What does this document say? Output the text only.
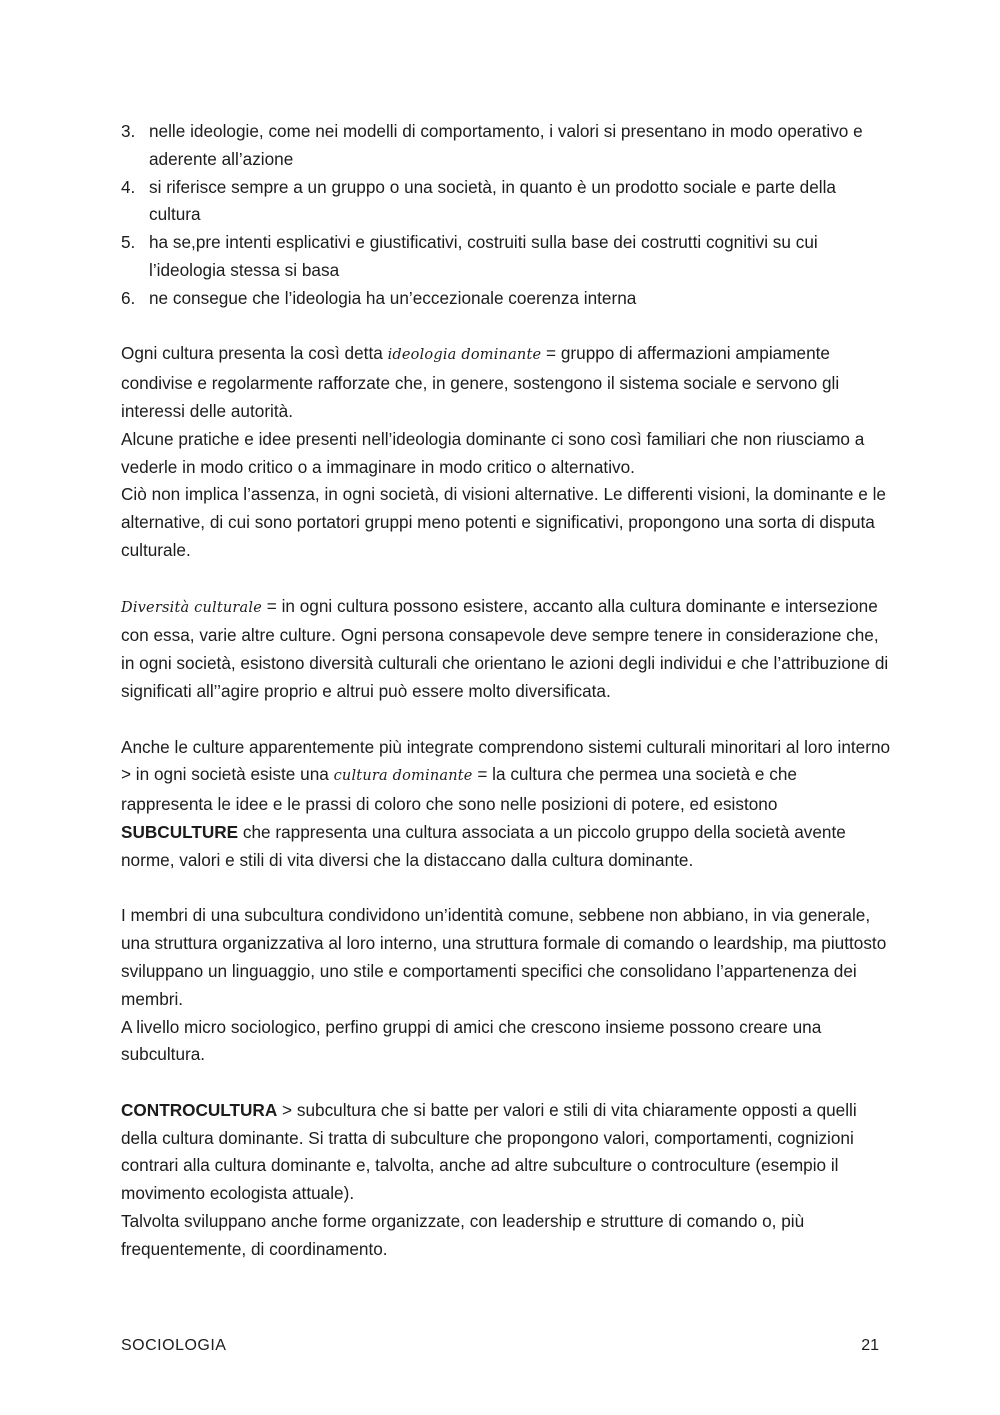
3. nelle ideologie, come nei modelli di comportamento, i valori si presentano in modo operativo e aderente all’azione
4. si riferisce sempre a un gruppo o una società, in quanto è un prodotto sociale e parte della cultura
5. ha se,pre intenti esplicativi e giustificativi, costruiti sulla base dei costrutti cognitivi su cui l’ideologia stessa si basa
6. ne consegue che l’ideologia ha un’eccezionale coerenza interna

Ogni cultura presenta la così detta ideologia dominante = gruppo di affermazioni ampiamente condivise e regolarmente rafforzate che, in genere, sostengono il sistema sociale e servono gli interessi delle autorità.

Alcune pratiche e idee presenti nell’ideologia dominante ci sono così familiari che non riusciamo a vederle in modo critico o a immaginare in modo critico o alternativo.

Ciò non implica l’assenza, in ogni società, di visioni alternative. Le differenti visioni, la dominante e le alternative, di cui sono portatori gruppi meno potenti e significativi, propongono una sorta di disputa culturale.

Diversità culturale = in ogni cultura possono esistere, accanto alla cultura dominante e intersezione con essa, varie altre culture. Ogni persona consapevole deve sempre tenere in considerazione che, in ogni società, esistono diversità culturali che orientano le azioni degli individui e che l’attribuzione di significati all’’agire proprio e altrui può essere molto diversificata.

Anche le culture apparentemente più integrate comprendono sistemi culturali minoritari al loro interno > in ogni società esiste una cultura dominante = la cultura che permea una società e che rappresenta le idee e le prassi di coloro che sono nelle posizioni di potere, ed esistono SUBCULTURE che rappresenta una cultura associata a un piccolo gruppo della società avente norme, valori e stili di vita diversi che la distaccano dalla cultura dominante.

I membri di una subcultura condividono un’identità comune, sebbene non abbiano, in via generale, una struttura organizzativa al loro interno, una struttura formale di comando o leardship, ma piuttosto sviluppano un linguaggio, uno stile e comportamenti specifici che consolidano l’appartenenza dei membri.

A livello micro sociologico, perfino gruppi di amici che crescono insieme possono creare una subcultura.

CONTROCULTURA > subcultura che si batte per valori e stili di vita chiaramente opposti a quelli della cultura dominante. Si tratta di subculture che propongono valori, comportamenti, cognizioni contrari alla cultura dominante e, talvolta, anche ad altre subculture o controculture (esempio il movimento ecologista attuale).

Talvolta sviluppano anche forme organizzate, con leadership e strutture di comando o, più frequentemente, di coordinamento.

SOCIOLOGIA	21
